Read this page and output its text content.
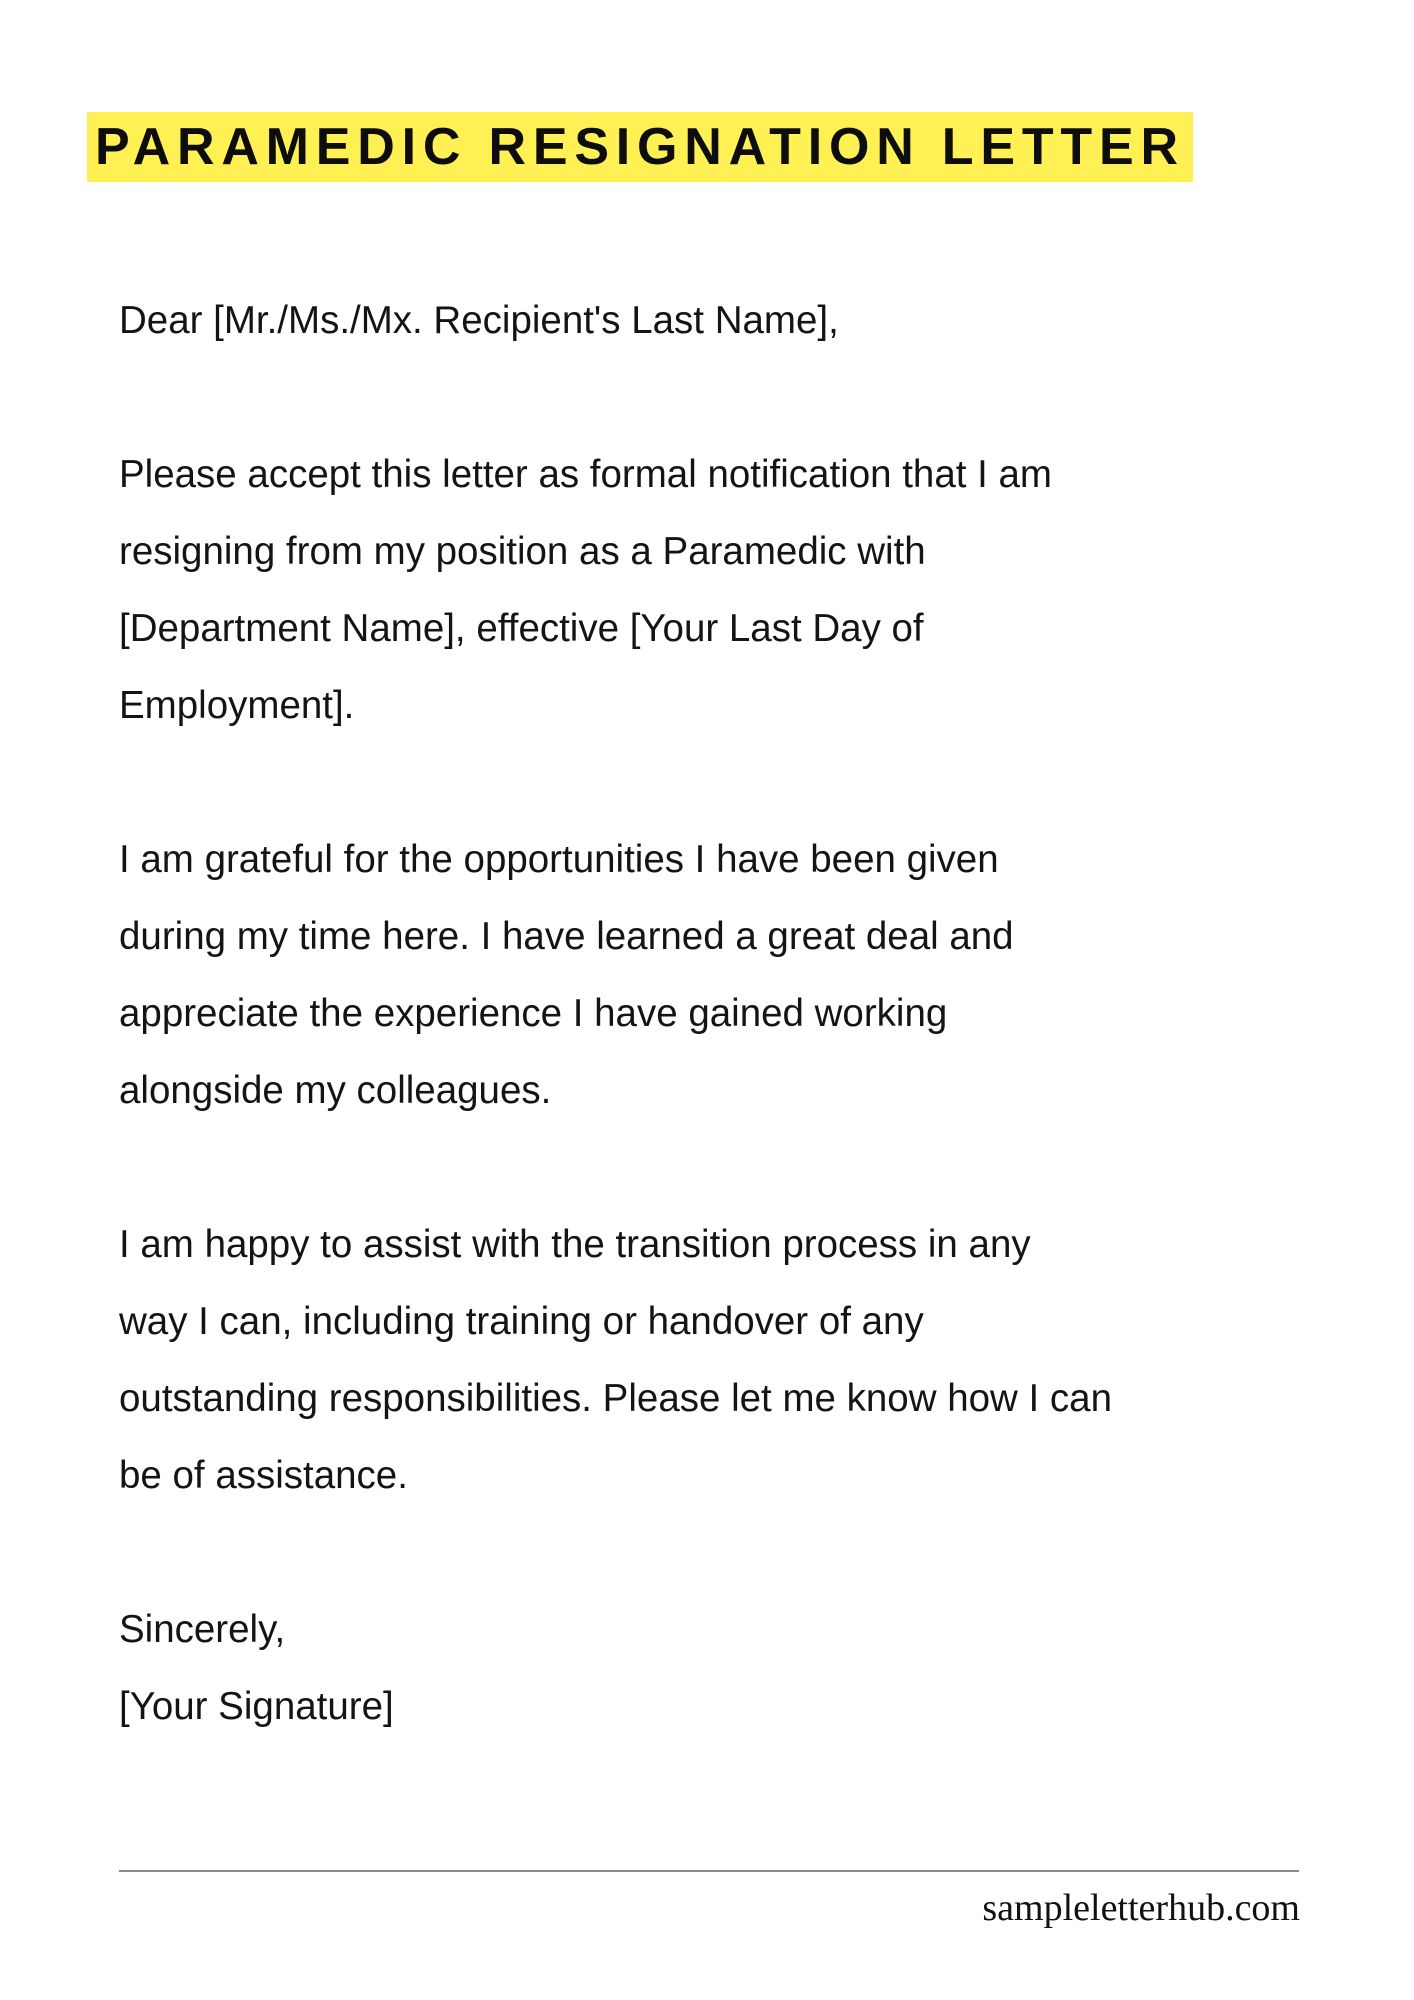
PARAMEDIC RESIGNATION LETTER

Dear [Mr./Ms./Mx. Recipient's Last Name],

Please accept this letter as formal notification that I am
resigning from my position as a Paramedic with
[Department Name], effective [Your Last Day of
Employment].

I am grateful for the opportunities I have been given
during my time here. I have learned a great deal and
appreciate the experience I have gained working
alongside my colleagues.

I am happy to assist with the transition process in any
way I can, including training or handover of any
outstanding responsibilities. Please let me know how I can
be of assistance.

Sincerely,
[Your Signature]
sampleletterhub.com
